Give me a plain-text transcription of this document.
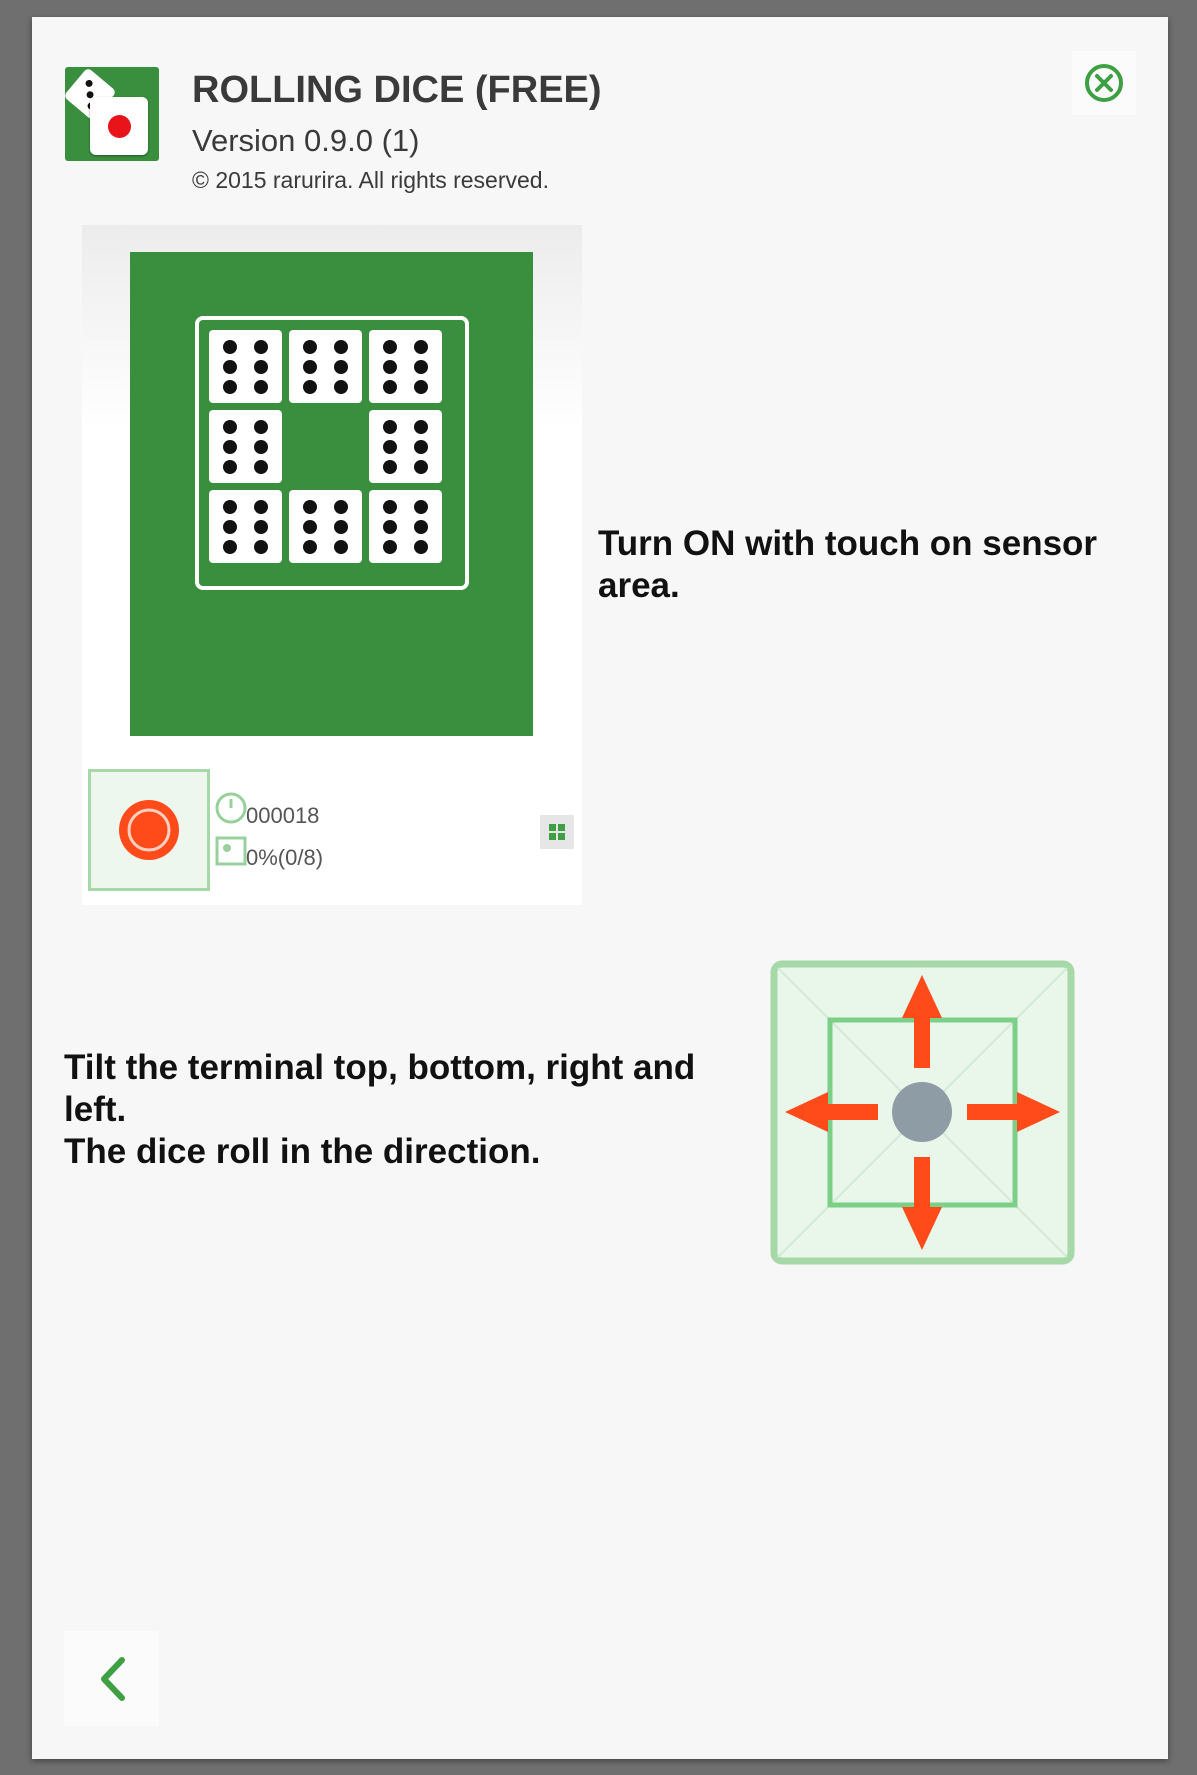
ROLLING DICE (FREE)
Version 0.9.0 (1)
© 2015 rarurira. All rights reserved.
000018
0%(0/8)
Turn ON with touch on sensor area.
Tilt the terminal top, bottom, right and left.
The dice roll in the direction.
